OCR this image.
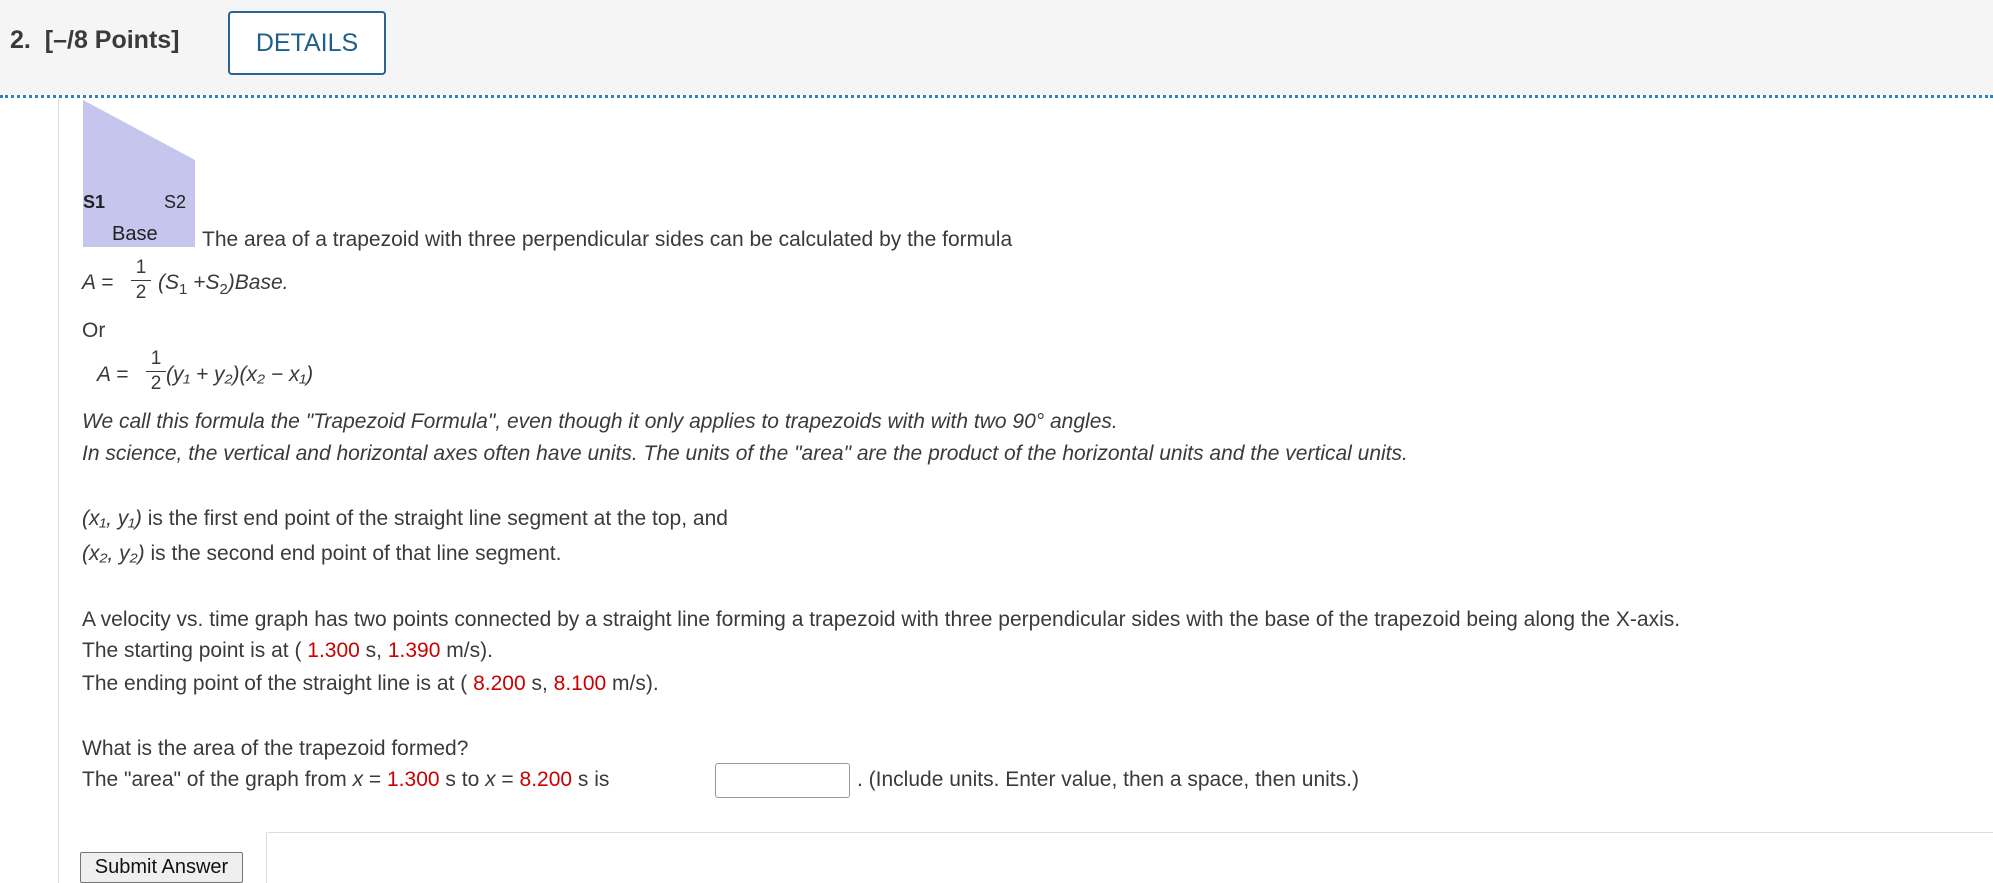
2. [–/8 Points]	DETAILS
S1	S2
Base The area of a trapezoid with three perpendicular sides can be calculated by the formula
A =
1
2 ($S_1$ $+S_2)Base$.
Or
A =
1
2 (y₁ + y₂)(x₂ − x₁)
We call this formula the "Trapezoid Formula", even though it only applies to trapezoids with with two 90° angles.
In science, the vertical and horizontal axes often have units. The units of the "area" are the product of the horizontal units and the vertical units.
(x₁, y₁) is the first end point of the straight line segment at the top, and
(x₂, y₂) is the second end point of that line segment.
A velocity vs. time graph has two points connected by a straight line forming a trapezoid with three perpendicular sides with the base of the trapezoid being along the X-axis.
The starting point is at ( 1.300 s, 1.390 m/s).
The ending point of the straight line is at ( 8.200 s, 8.100 m/s).
What is the area of the trapezoid formed?
The "area" of the graph from x = 1.300 s to x = 8.200 s is	. (Include units. Enter value, then a space, then units.)
Submit Answer
